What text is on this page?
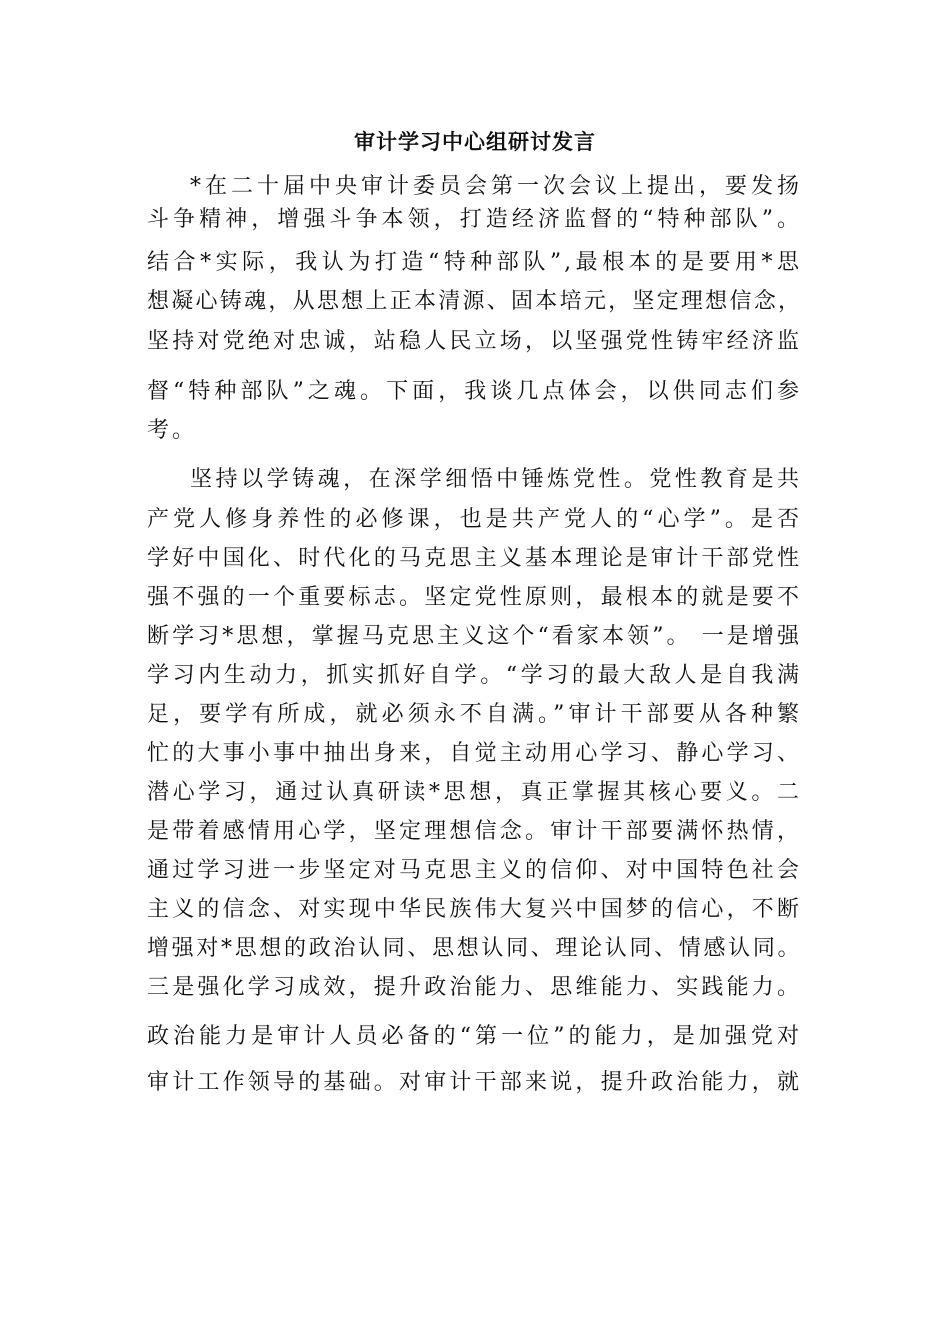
审计学习中心组研讨发言
*在二十届中央审计委员会第一次会议上提出，要发扬
斗争精神，增强斗争本领，打造经济监督的“特种部队”。
结合*实际，我认为打造“特种部队”,最根本的是要用*思
想凝心铸魂，从思想上正本清源、固本培元，坚定理想信念，
坚持对党绝对忠诚，站稳人民立场，以坚强党性铸牢经济监
督“特种部队”之魂。下面，我谈几点体会，以供同志们参
考。
坚持以学铸魂，在深学细悟中锤炼党性。党性教育是共
产党人修身养性的必修课，也是共产党人的“心学”。是否
学好中国化、时代化的马克思主义基本理论是审计干部党性
强不强的一个重要标志。坚定党性原则，最根本的就是要不
断学习*思想，掌握马克思主义这个“看家本领”。 一是增强
学习内生动力，抓实抓好自学。“学习的最大敌人是自我满
足，要学有所成，就必须永不自满。”审计干部要从各种繁
忙的大事小事中抽出身来，自觉主动用心学习、静心学习、
潜心学习，通过认真研读*思想，真正掌握其核心要义。二
是带着感情用心学，坚定理想信念。审计干部要满怀热情，
通过学习进一步坚定对马克思主义的信仰、对中国特色社会
主义的信念、对实现中华民族伟大复兴中国梦的信心，不断
增强对*思想的政治认同、思想认同、理论认同、情感认同。
三是强化学习成效，提升政治能力、思维能力、实践能力。
政治能力是审计人员必备的“第一位”的能力，是加强党对
审计工作领导的基础。对审计干部来说，提升政治能力，就
